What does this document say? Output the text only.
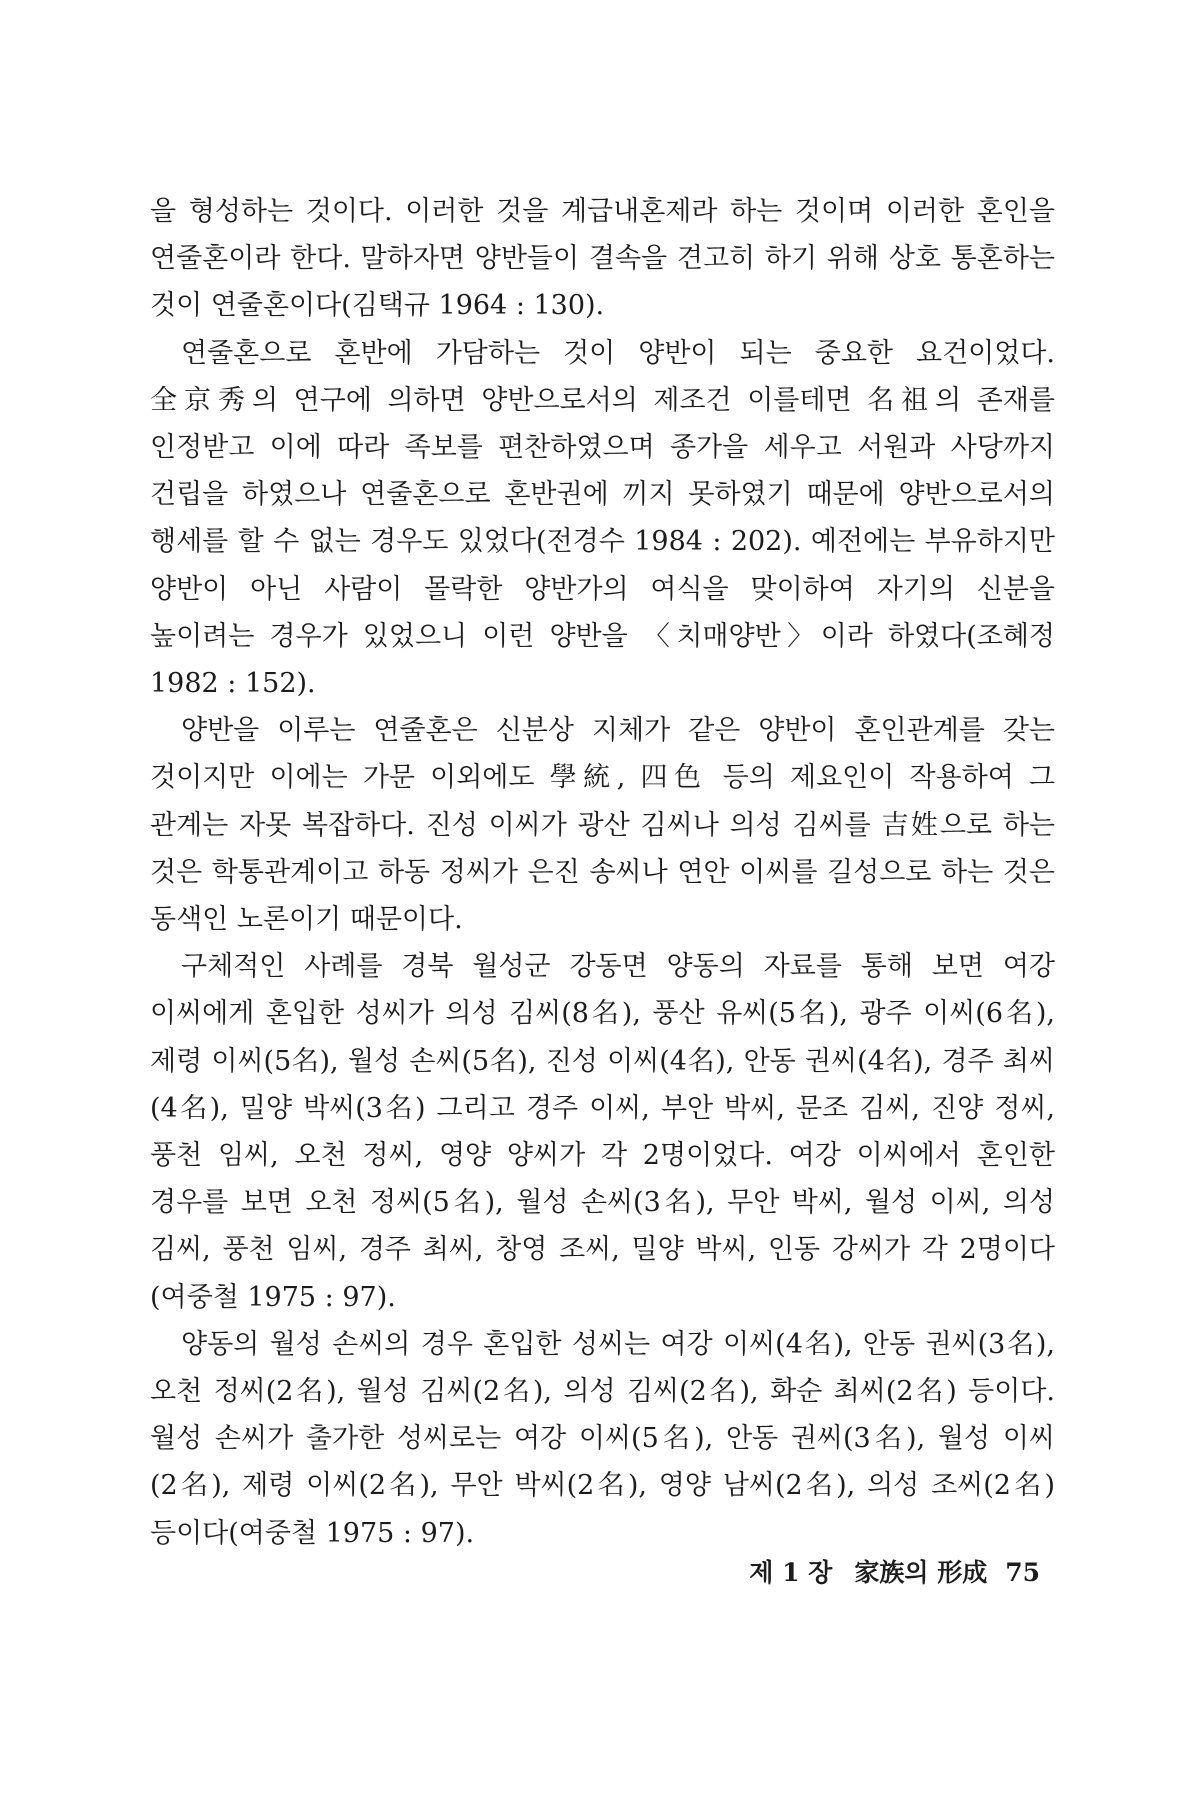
을 형성하는 것이다. 이러한 것을 계급내혼제라 하는 것이며 이러한 혼인을 연줄혼이라 한다. 말하자면 양반들이 결속을 견고히 하기 위해 상호 통혼하는 것이 연줄혼이다(김택규 1964 : 130).

연줄혼으로 혼반에 가담하는 것이 양반이 되는 중요한 요건이었다. 全京秀의 연구에 의하면 양반으로서의 제조건 이를테면 名祖의 존재를 인정받고 이에 따라 족보를 편찬하였으며 종가을 세우고 서원과 사당까지 건립을 하였으나 연줄혼으로 혼반권에 끼지 못하였기 때문에 양반으로서의 행세를 할 수 없는 경우도 있었다(전경수 1984 : 202). 예전에는 부유하지만 양반이 아닌 사람이 몰락한 양반가의 여식을 맞이하여 자기의 신분을 높이려는 경우가 있었으니 이런 양반을 〈치매양반〉이라 하였다(조혜정 1982 : 152).

양반을 이루는 연줄혼은 신분상 지체가 같은 양반이 혼인관계를 갖는 것이지만 이에는 가문 이외에도 學統, 四色 등의 제요인이 작용하여 그 관계는 자못 복잡하다. 진성 이씨가 광산 김씨나 의성 김씨를 吉姓으로 하는 것은 학통관계이고 하동 정씨가 은진 송씨나 연안 이씨를 길성으로 하는 것은 동색인 노론이기 때문이다.

구체적인 사례를 경북 월성군 강동면 양동의 자료를 통해 보면 여강 이씨에게 혼입한 성씨가 의성 김씨(8名), 풍산 유씨(5名), 광주 이씨(6名), 제령 이씨(5名), 월성 손씨(5名), 진성 이씨(4名), 안동 권씨(4名), 경주 최씨(4名), 밀양 박씨(3名) 그리고 경주 이씨, 부안 박씨, 문조 김씨, 진양 정씨, 풍천 임씨, 오천 정씨, 영양 양씨가 각 2명이었다. 여강 이씨에서 혼인한 경우를 보면 오천 정씨(5名), 월성 손씨(3名), 무안 박씨, 월성 이씨, 의성 김씨, 풍천 임씨, 경주 최씨, 창영 조씨, 밀양 박씨, 인동 강씨가 각 2명이다(여중철 1975 : 97).

양동의 월성 손씨의 경우 혼입한 성씨는 여강 이씨(4名), 안동 권씨(3名), 오천 정씨(2名), 월성 김씨(2名), 의성 김씨(2名), 화순 최씨(2名) 등이다. 월성 손씨가 출가한 성씨로는 여강 이씨(5名), 안동 권씨(3名), 월성 이씨(2名), 제령 이씨(2名), 무안 박씨(2名), 영양 남씨(2名), 의성 조씨(2名) 등이다(여중철 1975 : 97).

제 1 장 家族의 形成 75
